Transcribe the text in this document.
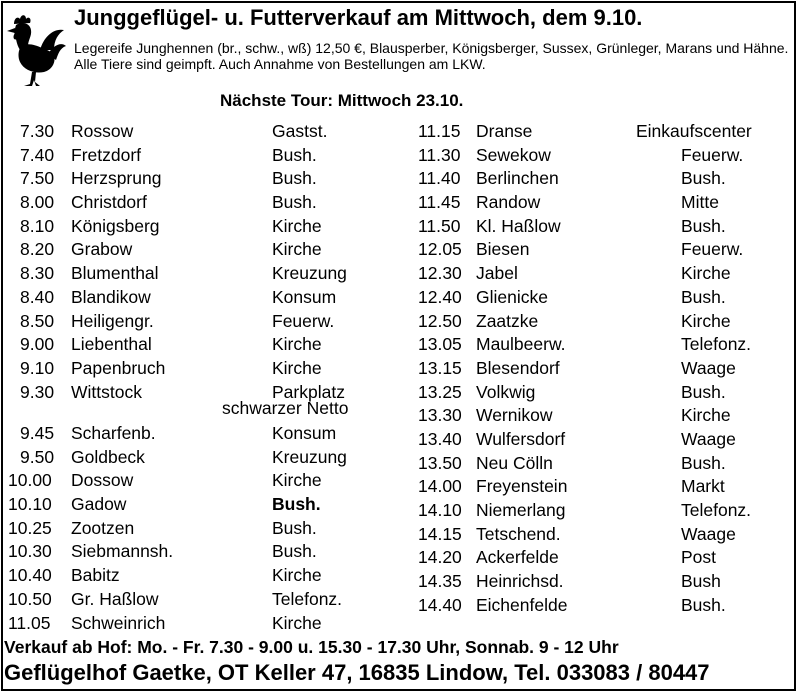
Junggeflügel- u. Futterverkauf am Mittwoch, dem 9.10.
Legereife Junghennen (br., schw., wß) 12,50 €, Blausperber, Königsberger, Sussex, Grünleger, Marans und Hähne. Alle Tiere sind geimpft. Auch Annahme von Bestellungen am LKW.
Nächste Tour: Mittwoch 23.10.
7.30 Rossow	Gastst.
7.40 Fretzdorf	Bush.
7.50 Herzsprung	Bush.
8.00 Christdorf	Bush.
8.10 Königsberg	Kirche
8.20 Grabow	Kirche
8.30 Blumenthal	Kreuzung
8.40 Blandikow	Konsum
8.50 Heiligengr.	Feuerw.
9.00 Liebenthal	Kirche
9.10 Papenbruch	Kirche
9.30 Wittstock	Parkplatz
schwarzer Netto
9.45 Scharfenb.	Konsum
9.50 Goldbeck	Kreuzung
10.00 Dossow	Kirche
10.10 Gadow	Bush.
10.25 Zootzen	Bush.
10.30 Siebmannsh.	Bush.
10.40 Babitz	Kirche
10.50 Gr. Haßlow	Telefonz.
11.05 Schweinrich	Kirche
11.15 Dranse	Einkaufscenter
11.30 Sewekow	Feuerw.
11.40 Berlinchen	Bush.
11.45 Randow	Mitte
11.50 Kl. Haßlow	Bush.
12.05 Biesen	Feuerw.
12.30 Jabel	Kirche
12.40 Glienicke	Bush.
12.50 Zaatzke	Kirche
13.05 Maulbeerw.	Telefonz.
13.15 Blesendorf	Waage
13.25 Volkwig	Bush.
13.30 Wernikow	Kirche
13.40 Wulfersdorf	Waage
13.50 Neu Cölln	Bush.
14.00 Freyenstein	Markt
14.10 Niemerlang	Telefonz.
14.15 Tetschend.	Waage
14.20 Ackerfelde	Post
14.35 Heinrichsd.	Bush
14.40 Eichenfelde	Bush.
Verkauf ab Hof: Mo. - Fr. 7.30 - 9.00 u. 15.30 - 17.30 Uhr, Sonnab. 9 - 12 Uhr
Geflügelhof Gaetke, OT Keller 47, 16835 Lindow, Tel. 033083 / 80447
